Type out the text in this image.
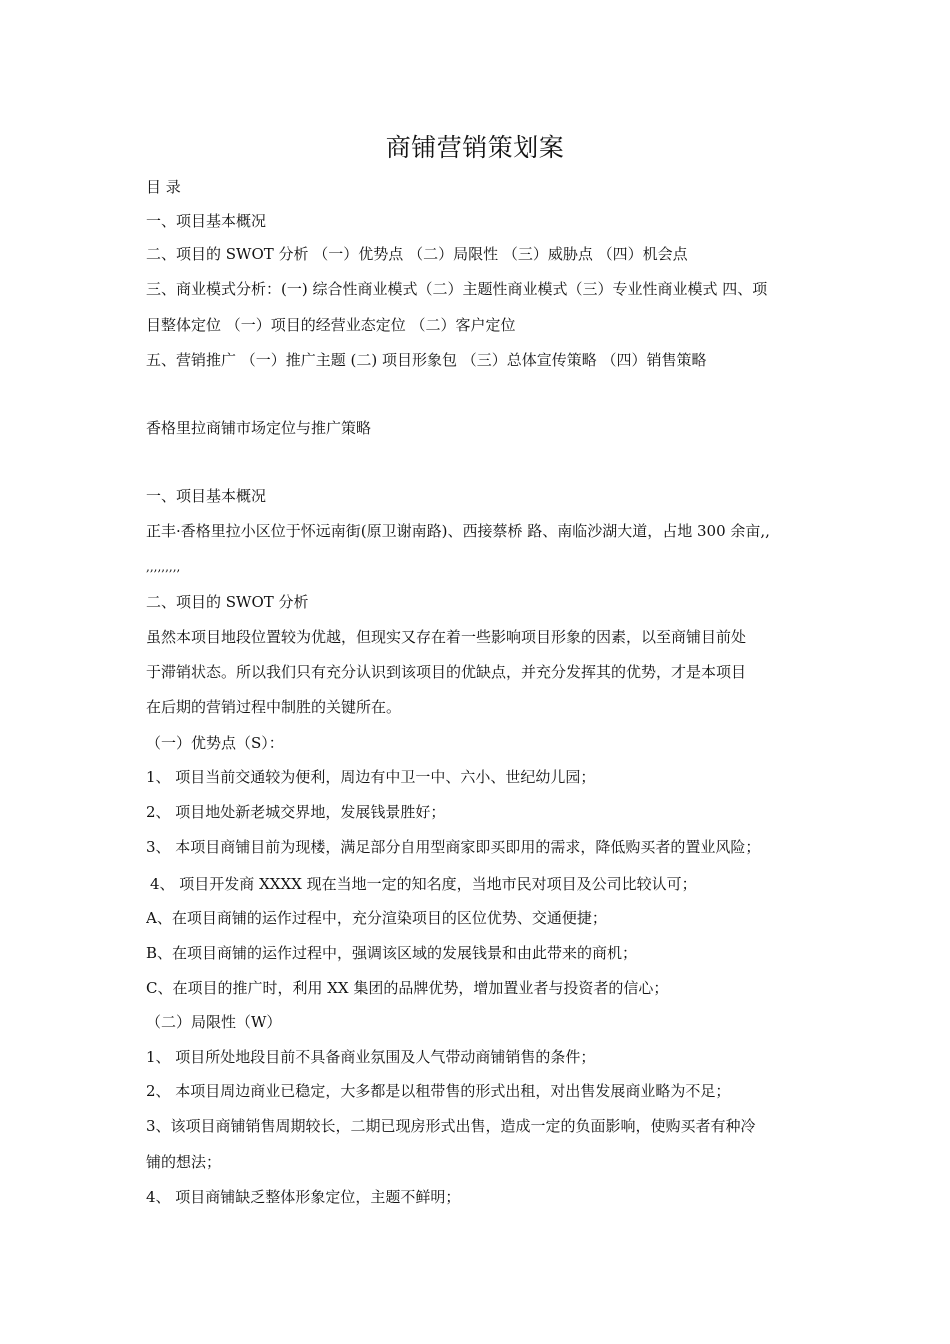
商铺营销策划案
目 录
一、项目基本概况
二、项目的 SWOT 分析 （一）优势点 （二）局限性 （三）威胁点 （四）机会点
三、商业模式分析：(一) 综合性商业模式（二）主题性商业模式（三）专业性商业模式 四、项
目整体定位 （一）项目的经营业态定位 （二）客户定位
五、营销推广 （一）推广主题 (二) 项目形象包 （三）总体宣传策略 （四）销售策略
香格里拉商铺市场定位与推广策略
一、项目基本概况
正丰·香格里拉小区位于怀远南街(原卫谢南路)、西接蔡桥 路、南临沙湖大道，占地 300 余亩,,
,,,,,,,,,
二、项目的 SWOT 分析
虽然本项目地段位置较为优越，但现实又存在着一些影响项目形象的因素，以至商铺目前处
于滞销状态。所以我们只有充分认识到该项目的优缺点，并充分发挥其的优势，才是本项目
在后期的营销过程中制胜的关键所在。
（一）优势点（S）：
1、 项目当前交通较为便利，周边有中卫一中、六小、世纪幼儿园；
2、 项目地处新老城交界地，发展钱景胜好；
3、 本项目商铺目前为现楼，满足部分自用型商家即买即用的需求，降低购买者的置业风险；
4、 项目开发商 XXXX 现在当地一定的知名度，当地市民对项目及公司比较认可；
A、在项目商铺的运作过程中，充分渲染项目的区位优势、交通便捷；
B、在项目商铺的运作过程中，强调该区域的发展钱景和由此带来的商机；
C、在项目的推广时，利用 XX 集团的品牌优势，增加置业者与投资者的信心；
（二）局限性（W）
1、 项目所处地段目前不具备商业氛围及人气带动商铺销售的条件；
2、 本项目周边商业已稳定，大多都是以租带售的形式出租，对出售发展商业略为不足；
3、该项目商铺销售周期较长，二期已现房形式出售，造成一定的负面影响，使购买者有种冷
铺的想法；
4、 项目商铺缺乏整体形象定位，主题不鲜明；
